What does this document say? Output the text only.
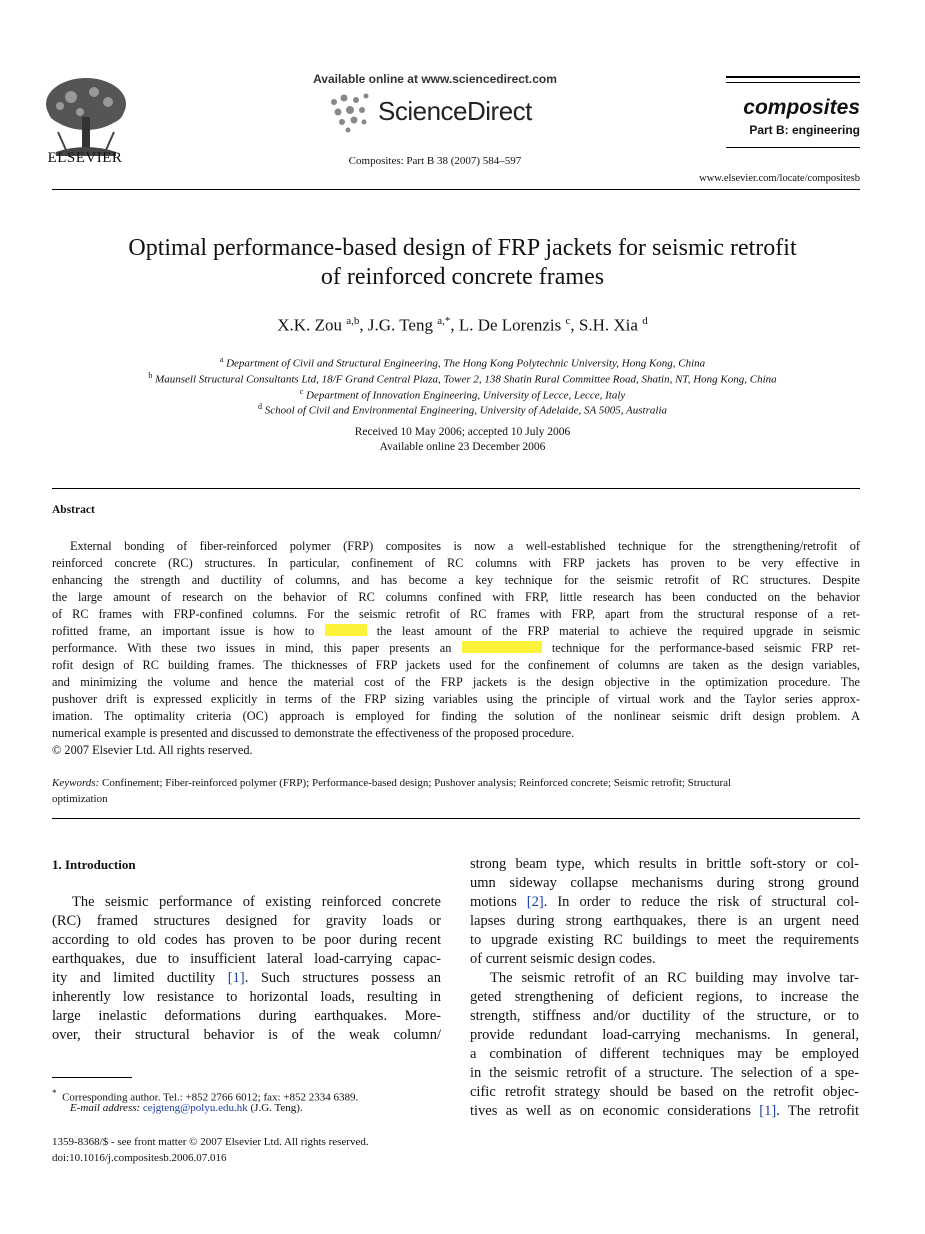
ELSEVIER
Available online at www.sciencedirect.com
ScienceDirect
Composites: Part B 38 (2007) 584–597
composites
Part B: engineering
www.elsevier.com/locate/compositesb
Optimal performance-based design of FRP jackets for seismic retrofit
of reinforced concrete frames
X.K. Zou $^{a,b}$, J.G. Teng $^{a,*}$, L. De Lorenzis $^c$, S.H. Xia $^d$
$^a$ Department of Civil and Structural Engineering, The Hong Kong Polytechnic University, Hong Kong, China
$^b$ Maunsell Structural Consultants Ltd, 18/F Grand Central Plaza, Tower 2, 138 Shatin Rural Committee Road, Shatin, NT, Hong Kong, China
$^c$ Department of Innovation Engineering, University of Lecce, Lecce, Italy
$^d$ School of Civil and Environmental Engineering, University of Adelaide, SA 5005, Australia
Received 10 May 2006; accepted 10 July 2006
Available online 23 December 2006
Abstract
External bonding of fiber-reinforced polymer (FRP) composites is now a well-established technique for the strengthening/retrofit of
reinforced concrete (RC) structures. In particular, confinement of RC columns with FRP jackets has proven to be very effective in
enhancing the strength and ductility of columns, and has become a key technique for the seismic retrofit of RC structures. Despite
the large amount of research on the behavior of RC columns confined with FRP, little research has been conducted on the behavior
of RC frames with FRP-confined columns. For the seismic retrofit of RC frames with FRP, apart from the structural response of a ret-
rofitted frame, an important issue is how to	the least amount of the FRP material to achieve the required upgrade in seismic
performance. With these two issues in mind, this paper presents an	technique for the performance-based seismic FRP ret-
rofit design of RC building frames. The thicknesses of FRP jackets used for the confinement of columns are taken as the design variables,
and minimizing the volume and hence the material cost of the FRP jackets is the design objective in the optimization procedure. The
pushover drift is expressed explicitly in terms of the FRP sizing variables using the principle of virtual work and the Taylor series approx-
imation. The optimality criteria (OC) approach is employed for finding the solution of the nonlinear seismic drift design problem. A
numerical example is presented and discussed to demonstrate the effectiveness of the proposed procedure.
© 2007 Elsevier Ltd. All rights reserved.
Keywords: Confinement; Fiber-reinforced polymer (FRP); Performance-based design; Pushover analysis; Reinforced concrete; Seismic retrofit; Structural
optimization
1. Introduction
The seismic performance of existing reinforced concrete
(RC) framed structures designed for gravity loads or
according to old codes has proven to be poor during recent
earthquakes, due to insufficient lateral load-carrying capac-
ity and limited ductility [1]. Such structures possess an
inherently low resistance to horizontal loads, resulting in
large inelastic deformations during earthquakes. More-
over, their structural behavior is of the weak column/
* Corresponding author. Tel.: +852 2766 6012; fax: +852 2334 6389.
E-mail address: cejgteng@polyu.edu.hk (J.G. Teng).
1359-8368/$ - see front matter © 2007 Elsevier Ltd. All rights reserved.
doi:10.1016/j.compositesb.2006.07.016
strong beam type, which results in brittle soft-story or col-
umn sideway collapse mechanisms during strong ground
motions [2]. In order to reduce the risk of structural col-
lapses during strong earthquakes, there is an urgent need
to upgrade existing RC buildings to meet the requirements
of current seismic design codes.
The seismic retrofit of an RC building may involve tar-
geted strengthening of deficient regions, to increase the
strength, stiffness and/or ductility of the structure, or to
provide redundant load-carrying mechanisms. In general,
a combination of different techniques may be employed
in the seismic retrofit of a structure. The selection of a spe-
cific retrofit strategy should be based on the retrofit objec-
tives as well as on economic considerations [1]. The retrofit
